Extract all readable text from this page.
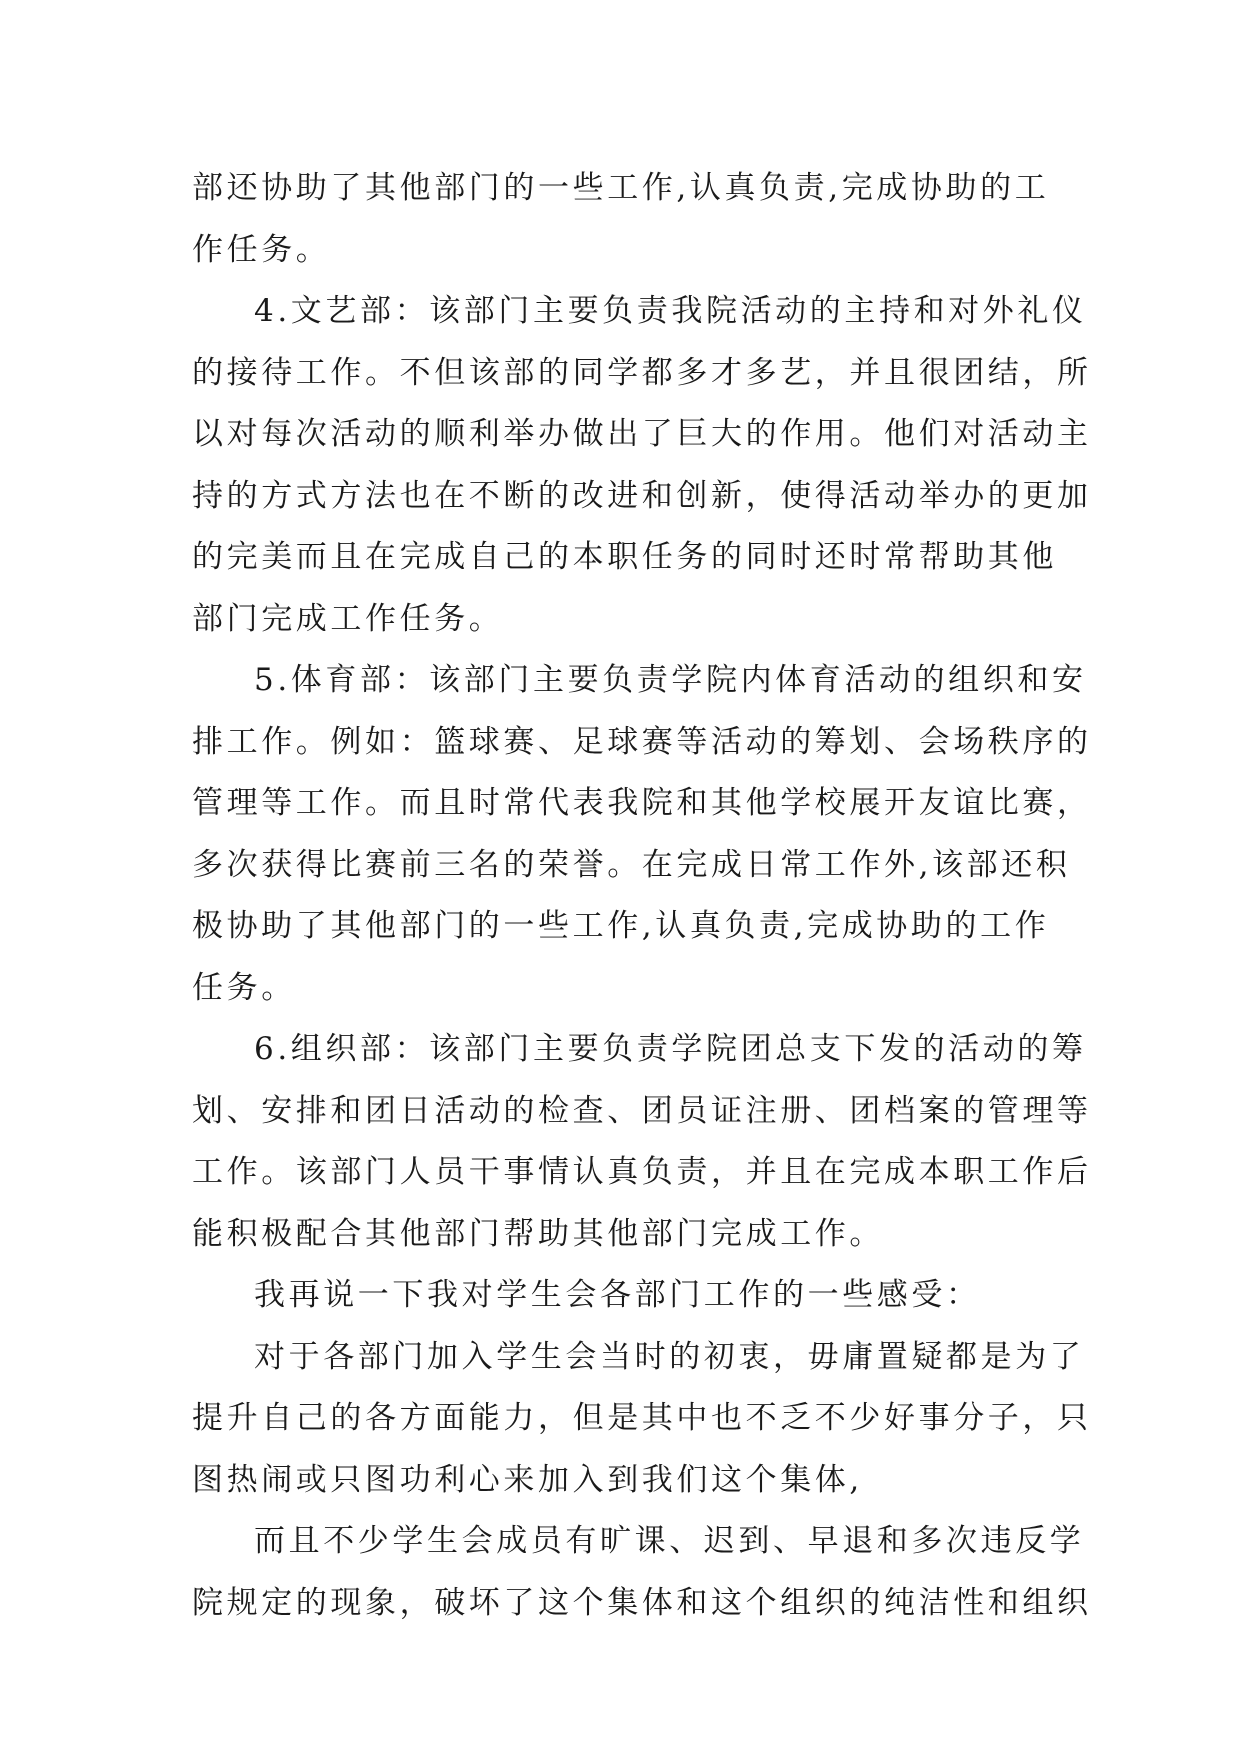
部还协助了其他部门的一些工作,认真负责,完成协助的工
作任务。
4.文艺部：该部门主要负责我院活动的主持和对外礼仪
的接待工作。不但该部的同学都多才多艺，并且很团结，所
以对每次活动的顺利举办做出了巨大的作用。他们对活动主
持的方式方法也在不断的改进和创新，使得活动举办的更加
的完美而且在完成自己的本职任务的同时还时常帮助其他
部门完成工作任务。
5.体育部：该部门主要负责学院内体育活动的组织和安
排工作。例如：篮球赛、足球赛等活动的筹划、会场秩序的
管理等工作。而且时常代表我院和其他学校展开友谊比赛，
多次获得比赛前三名的荣誉。在完成日常工作外,该部还积
极协助了其他部门的一些工作,认真负责,完成协助的工作
任务。
6.组织部：该部门主要负责学院团总支下发的活动的筹
划、安排和团日活动的检查、团员证注册、团档案的管理等
工作。该部门人员干事情认真负责，并且在完成本职工作后
能积极配合其他部门帮助其他部门完成工作。
我再说一下我对学生会各部门工作的一些感受：
对于各部门加入学生会当时的初衷，毋庸置疑都是为了
提升自己的各方面能力，但是其中也不乏不少好事分子，只
图热闹或只图功利心来加入到我们这个集体,
而且不少学生会成员有旷课、迟到、早退和多次违反学
院规定的现象，破坏了这个集体和这个组织的纯洁性和组织
